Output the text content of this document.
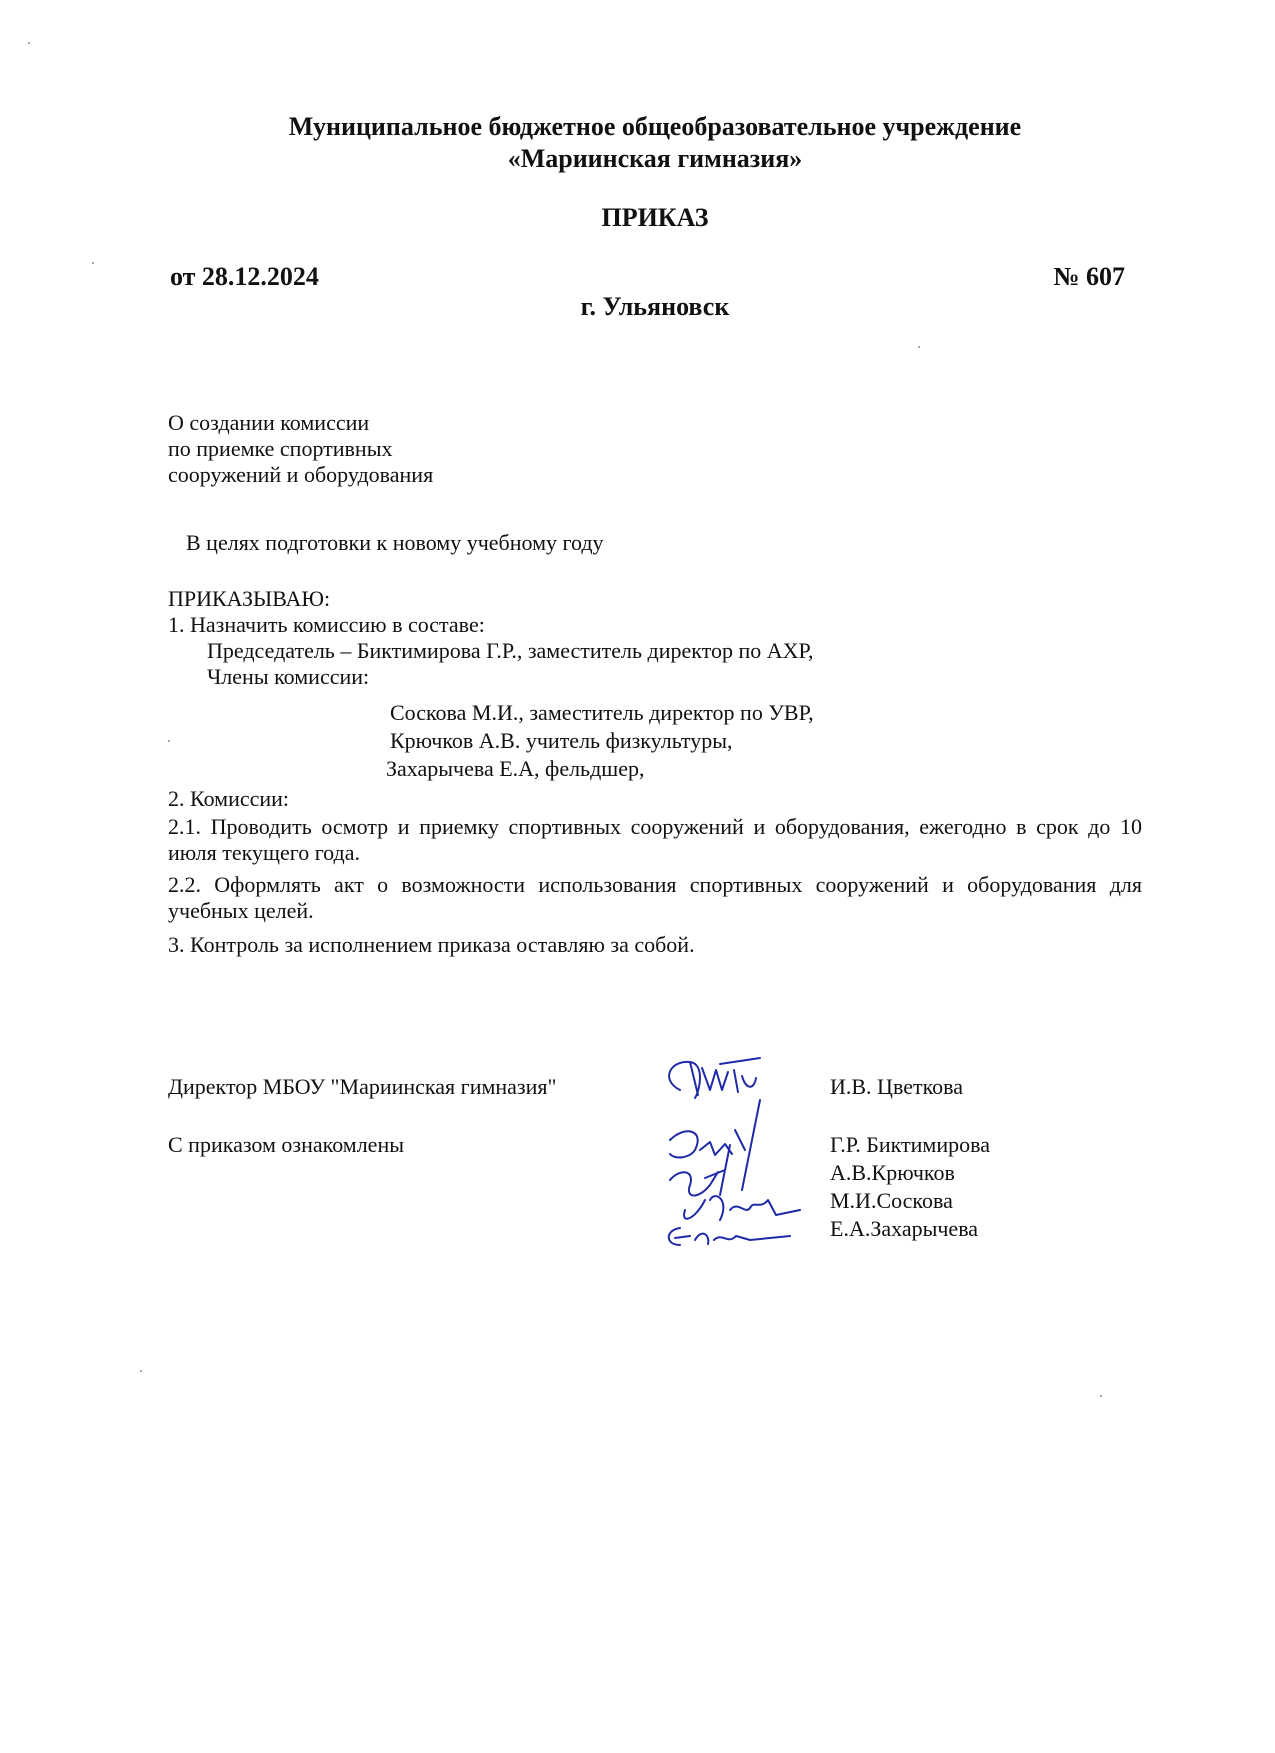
Муниципальное бюджетное общеобразовательное учреждение
«Мариинская гимназия»
ПРИКАЗ
от 28.12.2024	№ 607
г. Ульяновск
О создании комиссии
по приемке спортивных
сооружений и оборудования
В целях подготовки к новому учебному году
ПРИКАЗЫВАЮ:
1. Назначить комиссию в составе:
Председатель – Биктимирова Г.Р., заместитель директор по АХР,
Члены комиссии:
Соскова М.И., заместитель директор по УВР,
Крючков А.В. учитель физкультуры,
Захарычева Е.А, фельдшер,
2. Комиссии:
2.1. Проводить осмотр и приемку спортивных сооружений и оборудования, ежегодно в срок до 10 июля текущего года.
2.2. Оформлять акт о возможности использования спортивных сооружений и оборудования для учебных целей.
3. Контроль за исполнением приказа оставляю за собой.
Директор МБОУ "Мариинская гимназия"	И.В. Цветкова
С приказом ознакомлены	Г.Р. Биктимирова
А.В.Крючков
М.И.Соскова
Е.А.Захарычева
